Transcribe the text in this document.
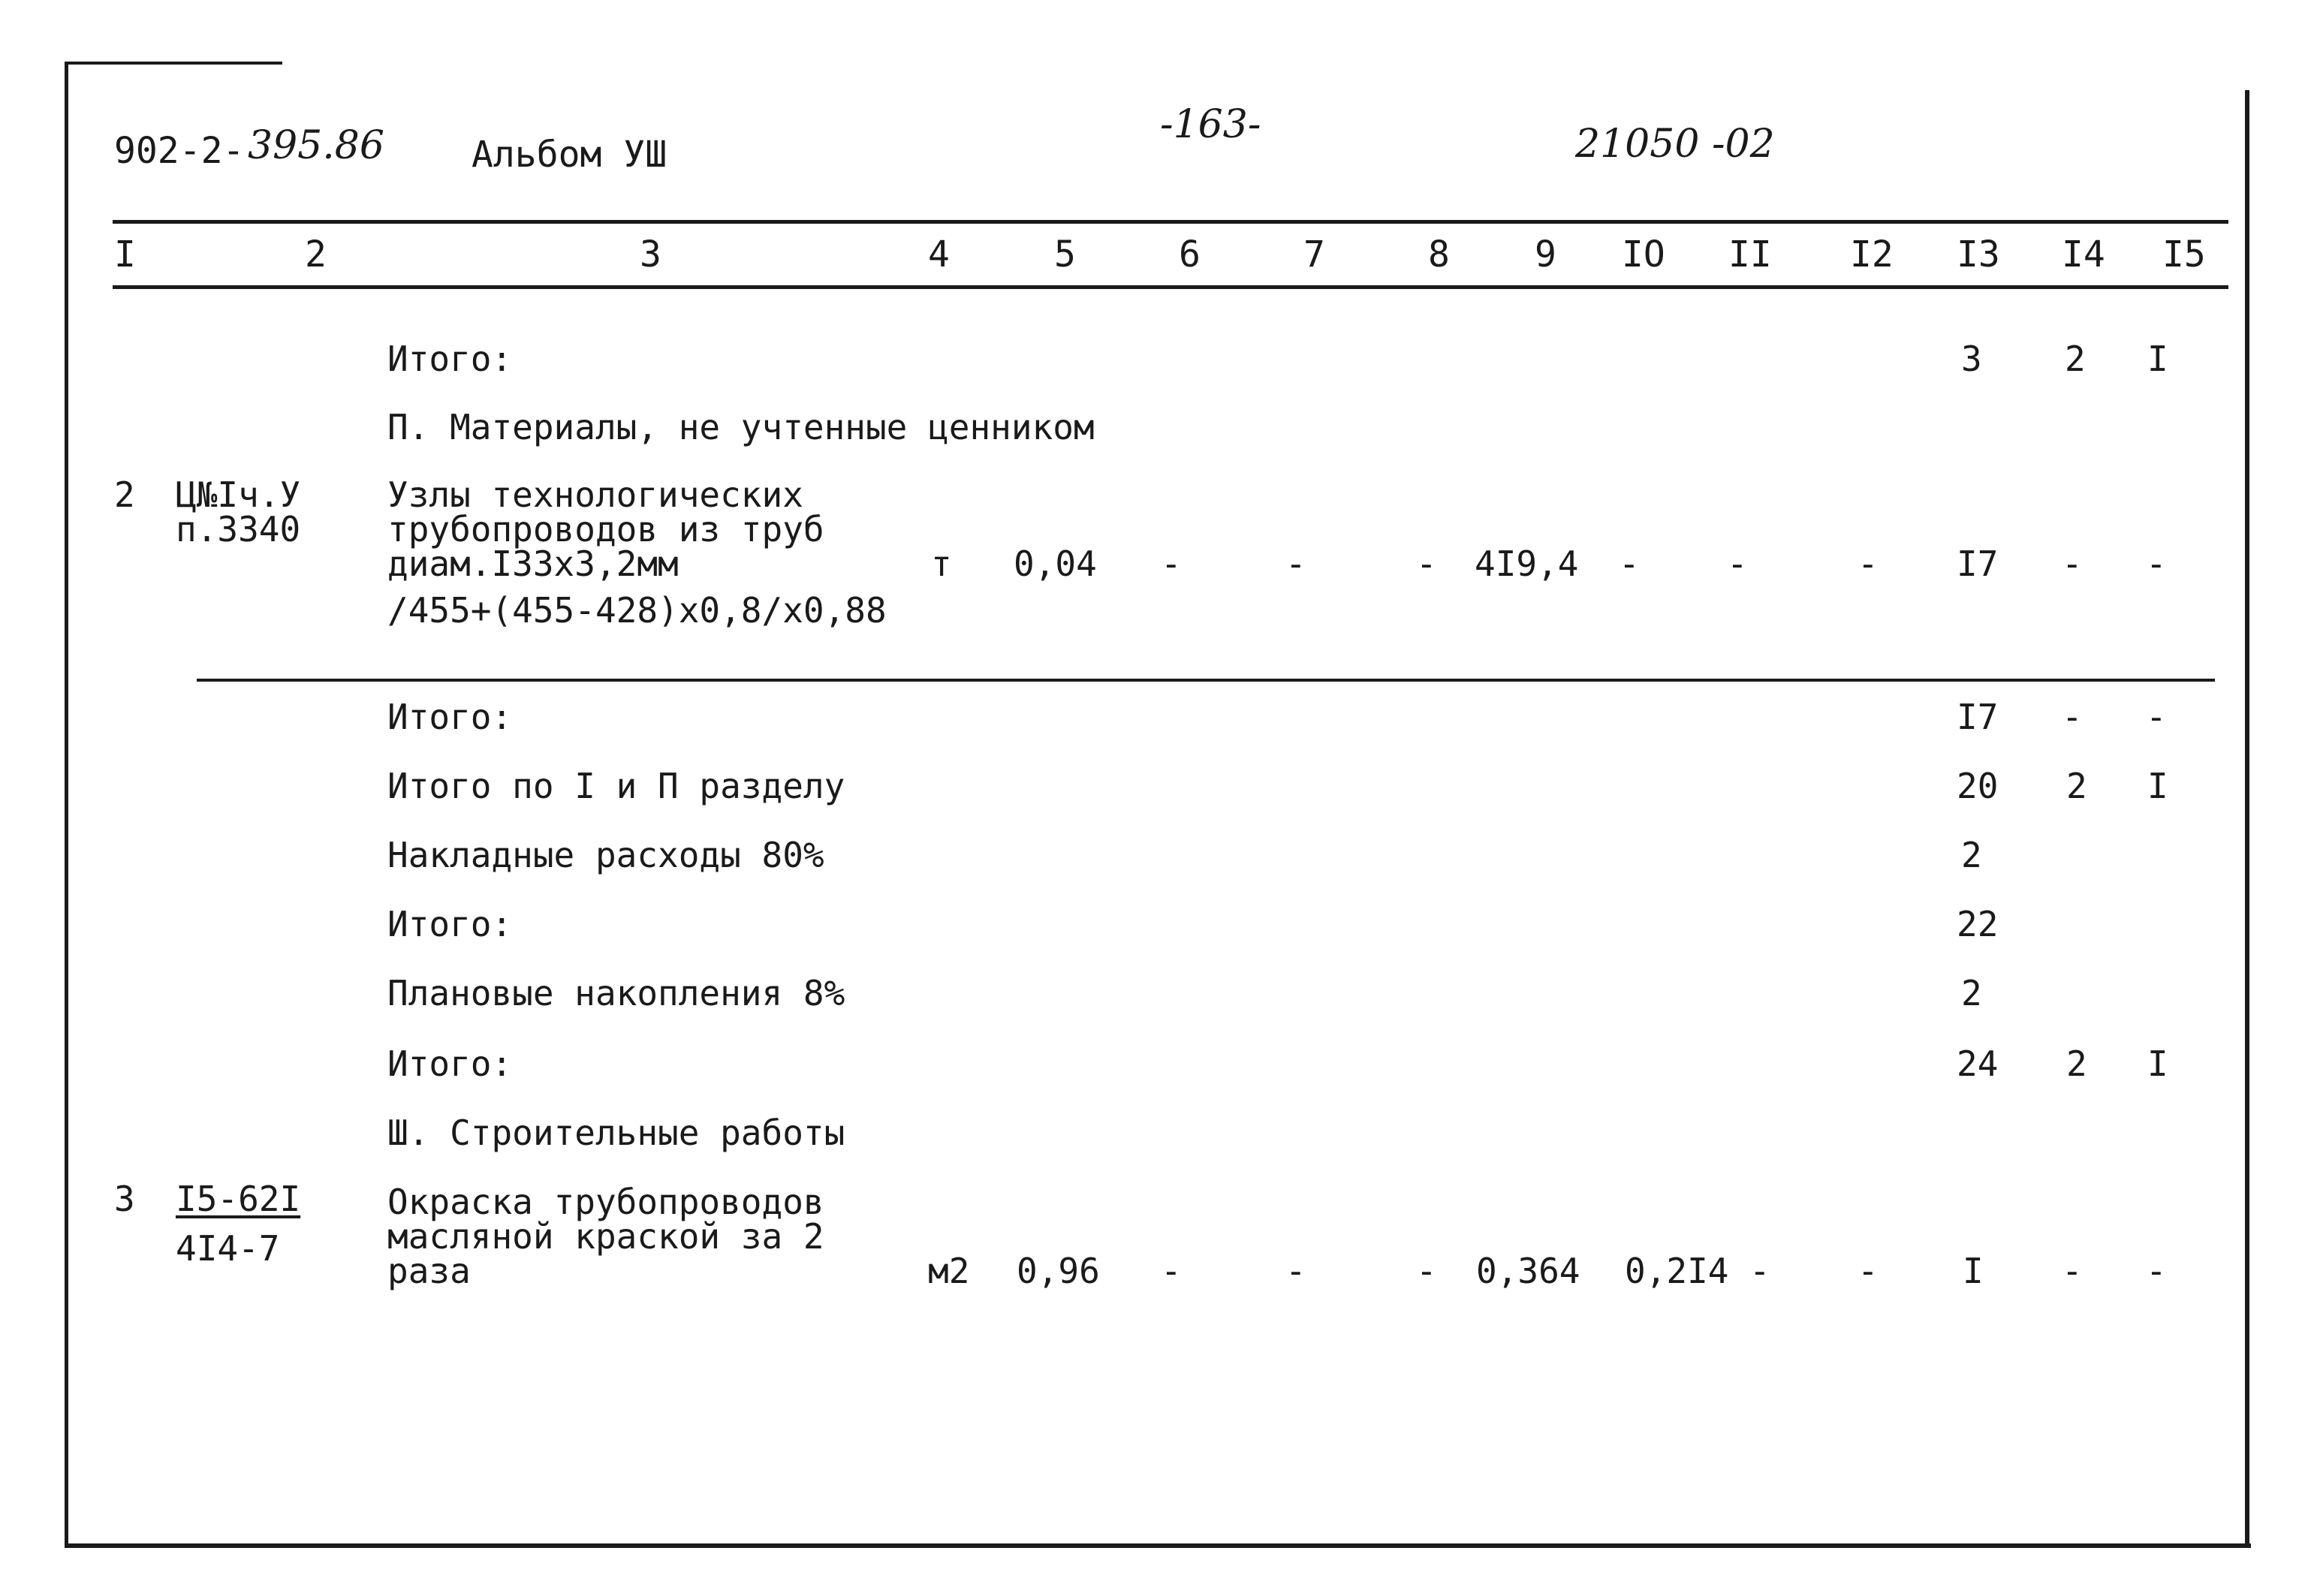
902-2- 395.86 Альбом УШ
-163-	21050 -02
I	2	3	4	5	6	7	8 9 IO II I2 I3 I4 I5
Итого:	3 2 I
П. Материалы, не учтенные ценником
2 Ц№Iч.У
п.3340
Узлы технологических
трубопроводов из труб
диам.I33x3,2мм
/455+(455-428)x0,8/x0,88
т 0,04 -	-	- 4I9,4 -	-	- I7 - -
Итого:	I7 - -
Итого по I и П разделу	20 2 I
Накладные расходы 80%	2
Итого:	22
Плановые накопления 8%	2
Итого:	24 2 I
Ш. Строительные работы
3 I5-62I
4I4-7
Окраска трубопроводов
масляной краской за 2
раза	м2 0,96 -	-	- 0,364 0,2I4 -	- I - -
